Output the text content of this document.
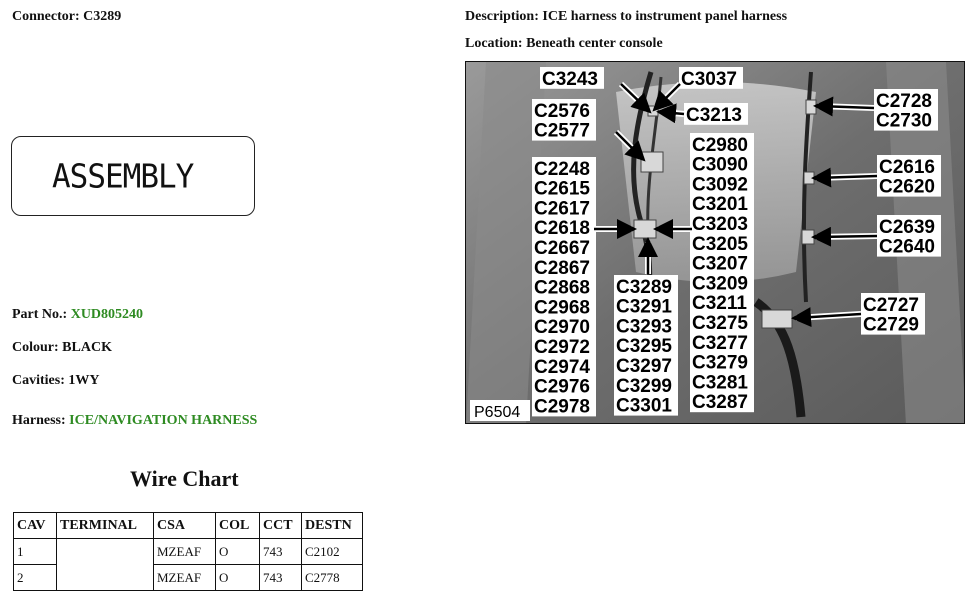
Connector: C3289	Description: ICE harness to instrument panel harness
Location: Beneath center console
ASSEMBLY
Part No.: XUD805240
Colour: BLACK
Cavities: 1WY
Harness: ICE/NAVIGATION HARNESS
Wire Chart
CAV	TERMINAL	CSA	COL	CCT	DESTN
1		MZEAF	O	743	C2102
2		MZEAF	O	743	C2778
C3243	C3037
C3213
C2576
C2577
C2248
C2615
C2617
C2618
C2667
C2867
C2868
C2968
C2970
C2972
C2974
C2976
C2978
C3289
C3291
C3293
C3295
C3297
C3299
C3301
C2980
C3090
C3092
C3201
C3203
C3205
C3207
C3209
C3211
C3275
C3277
C3279
C3281
C3287
C2728
C2730
C2616
C2620
C2639
C2640
C2727
C2729
P6504
